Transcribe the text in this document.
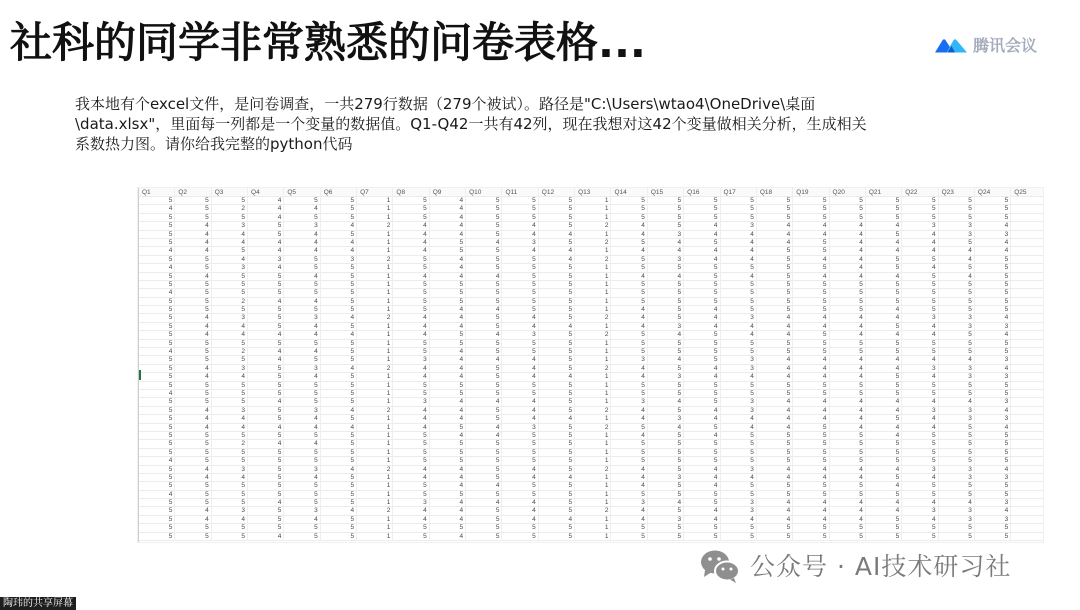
社科的同学非常熟悉的问卷表格...	腾讯会议
我本地有个excel文件，是问卷调查，一共279行数据（279个被试）。路径是"C:\Users\wtao4\OneDrive\桌面
\data.xlsx"，里面每一列都是一个变量的数据值。Q1-Q42一共有42列，现在我想对这42个变量做相关分析，生成相关
系数热力图。请你给我完整的python代码
Q1	Q2	Q3	Q4	Q5	Q6	Q7	Q8	Q9	Q10	Q11	Q12	Q13	Q14	Q15	Q16	Q17	Q18	Q19	Q20	Q21	Q22	Q23	Q24	Q25
5	5	5	4	5	5	1	5	4	5	5	5	1	5	5	5	5	5	5	5	5	5	5	5
4	5	2	4	4	5	1	5	4	5	5	5	1	5	5	5	5	5	5	5	5	5	5	5
5	5	5	4	5	5	1	5	4	5	5	5	1	5	5	5	5	5	5	5	5	5	5	5
5	4	3	5	3	4	2	4	4	5	4	5	2	4	5	4	3	4	4	4	4	3	3	4
5	4	4	5	4	5	1	4	4	5	4	4	1	4	3	4	4	4	4	4	5	4	3	3
5	4	4	4	4	4	1	4	5	4	3	5	2	5	4	5	4	4	5	4	4	4	5	4
4	4	5	4	4	4	1	4	5	5	4	4	1	4	4	4	4	5	5	4	4	4	4	4
5	5	4	3	5	3	2	5	4	5	5	4	2	5	3	4	4	5	4	4	5	5	4	5
4	5	3	4	5	5	1	5	4	5	5	5	1	5	5	5	5	5	5	4	5	4	5	5
5	4	5	5	4	5	1	4	4	4	5	5	1	4	4	5	4	5	4	4	4	5	4	5
5	5	5	5	5	5	1	5	5	5	5	5	1	5	5	5	5	5	5	5	5	5	5	5
4	5	5	5	5	5	1	5	5	5	5	5	1	5	5	5	5	5	5	5	5	5	5	5
5	5	2	4	4	5	1	5	5	5	5	5	1	5	5	5	5	5	5	5	5	5	5	5
5	5	5	5	5	5	1	5	4	4	5	5	1	4	5	4	5	5	5	5	4	5	5	5
5	4	3	5	3	4	2	4	4	5	4	5	2	4	5	4	3	4	4	4	4	3	3	4
5	4	4	5	4	5	1	4	4	5	4	4	1	4	3	4	4	4	4	4	5	4	3	3
5	4	4	4	4	4	1	4	5	4	3	5	2	5	4	5	4	4	5	4	4	4	5	4
5	5	5	5	5	5	1	5	5	5	5	5	1	5	5	5	5	5	5	5	5	5	5	5
4	5	2	4	4	5	1	5	4	5	5	5	1	5	5	5	5	5	5	5	5	5	5	5
5	5	5	4	5	5	1	3	4	4	4	5	1	3	4	5	3	4	4	4	4	4	4	3
5	4	3	5	3	4	2	4	4	5	4	5	2	4	5	4	3	4	4	4	4	3	3	4
5	4	4	5	4	5	1	4	4	5	4	4	1	4	3	4	4	4	4	4	5	4	3	3
5	5	5	5	5	5	1	5	5	5	5	5	1	5	5	5	5	5	5	5	5	5	5	5
4	5	5	5	5	5	1	5	5	5	5	5	1	5	5	5	5	5	5	5	5	5	5	5
5	5	5	4	5	5	1	3	4	4	4	5	1	3	4	5	3	4	4	4	4	4	4	3
5	4	3	5	3	4	2	4	4	5	4	5	2	4	5	4	3	4	4	4	4	3	3	4
5	4	4	5	4	5	1	4	4	5	4	4	1	4	3	4	4	4	4	4	5	4	3	3
5	4	4	4	4	4	1	4	5	4	3	5	2	5	4	5	4	4	5	4	4	4	5	4
5	5	5	5	5	5	1	5	4	4	5	5	1	4	5	4	5	5	5	5	4	5	5	5
5	5	2	4	4	5	1	5	5	5	5	5	1	5	5	5	5	5	5	5	5	5	5	5
5	5	5	5	5	5	1	5	5	5	5	5	1	5	5	5	5	5	5	5	5	5	5	5
4	5	5	5	5	5	1	5	5	5	5	5	1	5	5	5	5	5	5	5	5	5	5	5
5	4	3	5	3	4	2	4	4	5	4	5	2	4	5	4	3	4	4	4	4	3	3	4
5	4	4	5	4	5	1	4	4	5	4	4	1	4	3	4	4	4	4	4	5	4	3	3
5	5	5	5	5	5	1	5	4	4	5	5	1	4	5	4	5	5	5	5	4	5	5	5
4	5	5	5	5	5	1	5	5	5	5	5	1	5	5	5	5	5	5	5	5	5	5	5
5	5	5	4	5	5	1	3	4	4	4	5	1	3	4	5	3	4	4	4	4	4	4	3
5	4	3	5	3	4	2	4	4	5	4	5	2	4	5	4	3	4	4	4	4	3	3	4
5	4	4	5	4	5	1	4	4	5	4	4	1	4	3	4	4	4	4	4	5	4	3	3
5	5	5	5	5	5	1	5	5	5	5	5	1	5	5	5	5	5	5	5	5	5	5	5
5	5	5	4	5	5	1	5	4	5	5	5	1	5	5	5	5	5	5	5	5	5	5	5
公众号 · AI技术研习社
陶玮的共享屏幕
